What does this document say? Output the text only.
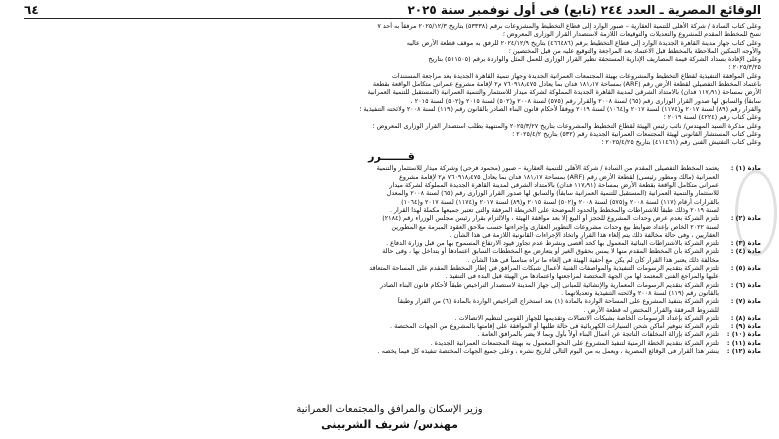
الوقائع المصرية ـ العدد ٢٤٤ (تابع) فى أول نوفمبر سنة ٢٠٢٥
٦٤
وعلى كتاب السادة / شركة الأهلى للتنمية العقارية – صبور الوارد إلى قطاع التخطيط والمشروعات برقم (٥٣٣٣٨) بتاريخ ٢٠٢٥/١٢/٣ مرفقاً به أحد ٧
نسخ للمخطط المقدم للمشروع والتعديلات والتوقيعات اللازمة لاستصدار القرار الوزارى المعروض ؛
وعلى كتاب جهاز مدينة القاهرة الجديدة الوارد إلى قطاع التخطيط برقم (٤٦٦٤٨٦) بتاريخ ٢٠٢٤/١٢/٩ للرفق به موقف قطعة الأرض عاليه
والأوجه التمكين الملاحظة بالمخطط قبل الاعتماد بعد المراجعة والتوقيع عليه من قبل المختصين ؛
وعلى الإفادة بسداد الشركة قيمة المصاريف الإدارية المستحقة نظير القرار الوزارى للعمل المثل والواردة برقم (٥١١٥٠٥) بتاريخ
٢٠٢٥/٣/٢٥ ؛
وعلى الموافقة التنفيذية لقطاع التخطيط والمشروعات بهيئة المجتمعات العمرانية الجديدة وجهاز تنمية القاهرة الجديدة بعد مراجعة المستندات
باعتماد المخطط التفصيلي لقطعة الأرض رقم (ARF) بمساحة ١٨١٫١٧ فدان بما يعادل ٧٦٠٩١٨٫٤٧٥ م٢ لإقامة مشروع عمرانى متكامل الواقعة بقطعة
الأرض بمساحة (١١٧٫٩١ فدان) بالامتداد الشرقى لمدينة القاهرة الجديدة المملوكة لشركة ميدار للاستثمار والتنمية العمرانية (المستقبل للتنمية العمرانية
سابقاً) والسابق لها صدور القرار الوزارى رقم (٦٥) لسنة ٢٠٠٨ والقرار رقم (٥٧٥) لسنة ٢٠٠٨ و(٥٠٢) لسنة ٢٠١٥ و(٥٠٢) لسنة ٢٠١٥ ،
والقرار رقم (٨٩) لسنة ٢٠١٧ و(١١٧٤) لسنة ٢٠١٧ و(١٠٦٤) لسنة ٢٠١٩ ووفقاً لأحكام قانون البناء الصادر بالقانون رقم (١١٩) لسنة ٢٠٠٨ ولائحته التنفيذية ؛
وعلى كتاب رقم (٤٢٢٤) لسنة ٢٠١٩ ؛
وعلى مذكرة السيد المهندس/ نائب رئيس الهيئة لقطاع التخطيط والمشروعات بتاريخ ٢٠٢٥/٣/٢٧ والمنتهية بطلب استصدار القرار الوزارى المعروض ؛
وعلى كتاب المستشار القانونى لهيئة المجتمعات العمرانية الجديدة رقم (٥٣٢) بتاريخ ٢٠٢٥/٤/٢ ؛
وعلى كتاب التفتيش الفنى رقم (٤١١٤٦١) بتاريخ ٢٠٢٥/٤/٢٥ ؛
قـــــــرر
مادة (١) :
يعتمد المخطط التفصيلى المقدم من السادة / شركة الأهلى للتنمية العقارية – صبور (محمود فرحي) وشركة ميدار للاستثمار والتنمية
العمرانية (مالك ومطور رئيسى) لقطعة الأرض رقم (ARF) بمساحة ١٨١٫١٧ فدان بما يعادل ٧٦٠٩١٨٫٤٧٥ م٢ لإقامة مشروع
عمرانى متكامل الواقعة بقطعة الأرض بمساحة (١١٧٫٩١ فدان) بالامتداد الشرقى لمدينة القاهرة الجديدة المملوكة لشركة ميدار
للاستثمار والتنمية العمرانية (المستقبل للتنمية العمرانية سابقاً) والسابق لها صدور القرار الوزارى رقم (٦٥) لسنة ٢٠٠٨ والمعدل
بالقرارات أرقام (١١٧) لسنة ٢٠٠٨ و(٥٧٥) لسنة ٢٠٠٨ و(٥٠٢) لسنة ٢٠١٥ و(٨٩) لسنة ٢٠١٧ و(١١٧٤) لسنة ٢٠١٧ و(١٠٦٤)
لسنة ٢٠١٩ وذلك طبقاً للاشتراطات والمخطط والحدود الموضحة على الخريطة المرفقة والتى تعتبر جميعها مكملة لهذا القرار .
مادة (٢) :
تلتزم الشركة بعدم عرض وحدات المشروع للحجز أو البيع إلا بعد موافقة الهيئة ، والالتزام بقرار رئيس مجلس الوزراء رقم (٢١٨٤)
لسنة ٢٠٢٢ الخاص بإعداد ضوابط بيع وحدات مشروعات التطوير العقارى وإجراءتها حسب ملاحق العقود المبرمة مع المطورين
العقاريين ، وفى حالة مخالفة ذلك يتم إلغاء هذا القرار واتخاذ الإجراءات القانونية اللازمة فى هذا الشأن .
مادة (٣) :
تلتزم الشركة بالاشتراطات البنائية المعمول بها كحد أقصى وبشرط عدم تجاوز قيود الارتفاع المسموح بها من قبل وزارة الدفاع .
مادة (٤) :
تلتزم الشركة بأن المخطط المقدم منها لا يمس بحقوق الغير أو يتعارض مع المخططات السابق اعتمادها أو يتداخل بها ، وفى حالة
مخالفة ذلك يعتبر هذا القرار كأن لم يكن مع أحقية الهيئة فى إلغاء ما تراه مناسباً فى هذا الشأن .
مادة (٥) :
تلتزم الشركة بتقديم الرسومات التنفيذية والمواصفات الفنية لأعمال شبكات المرافق في إطار المخطط المقدم على المساحة المتعاقد
عليها والمراجع الفنى المعتمد لها من الجهة المختصة لمراجعتها واعتمادها من الهيئة قبل البدء فى التنفيذ .
مادة (٦) :
تلتزم الشركة بتقديم الرسومات المعمارية والإنشائية للمبانى إلى جهاز المدينة لاستصدار التراخيص طبقاً لأحكام قانون البناء الصادر
بالقانون رقم (١١٩) لسنة ٢٠٠٨ ولائحته التنفيذية وتعديلاتهما .
مادة (٧) :
تلتزم الشركة بتنفيذ المشروع على المساحة الواردة بالمادة (١) بعد استخراج التراخيص الواردة بالمادة (٦) من القرار وطبقاً
للشروط المرفقة والقرار المختص له قطعة الأرض .
مادة (٨) :
تلتزم الشركة بإعداد الرسومات الخاصة بشبكات الاتصالات وتقديمها للجهاز القومى لتنظيم الاتصالات .
مادة (٩) :
تلتزم الشركة بتوفير أماكن شحن السيارات الكهربائية فى حالة طلبها أو الموافقة على إقامتها بالمشروع من الجهات المختصة .
مادة (١٠) :
تلتزم الشركة بإزالة المخلفات الناتجة عن أعمال البناء أولاً بأول وبما لا يضر بالمرافق العامة .
مادة (١١) :
تلتزم الشركة بتقديم الخطة الزمنية لتنفيذ المشروع على النحو المعمول به بهيئة المجتمعات العمرانية الجديدة .
مادة (١٢) :
ينشر هذا القرار فى الوقائع المصرية ، ويعمل به من اليوم التالى لتاريخ نشره ، وعلى جميع الجهات المختصة تنفيذه كل فيما يخصه .
وزير الإسكان والمرافق والمجتمعات العمرانية
مهندس/ شريف الشربينى
